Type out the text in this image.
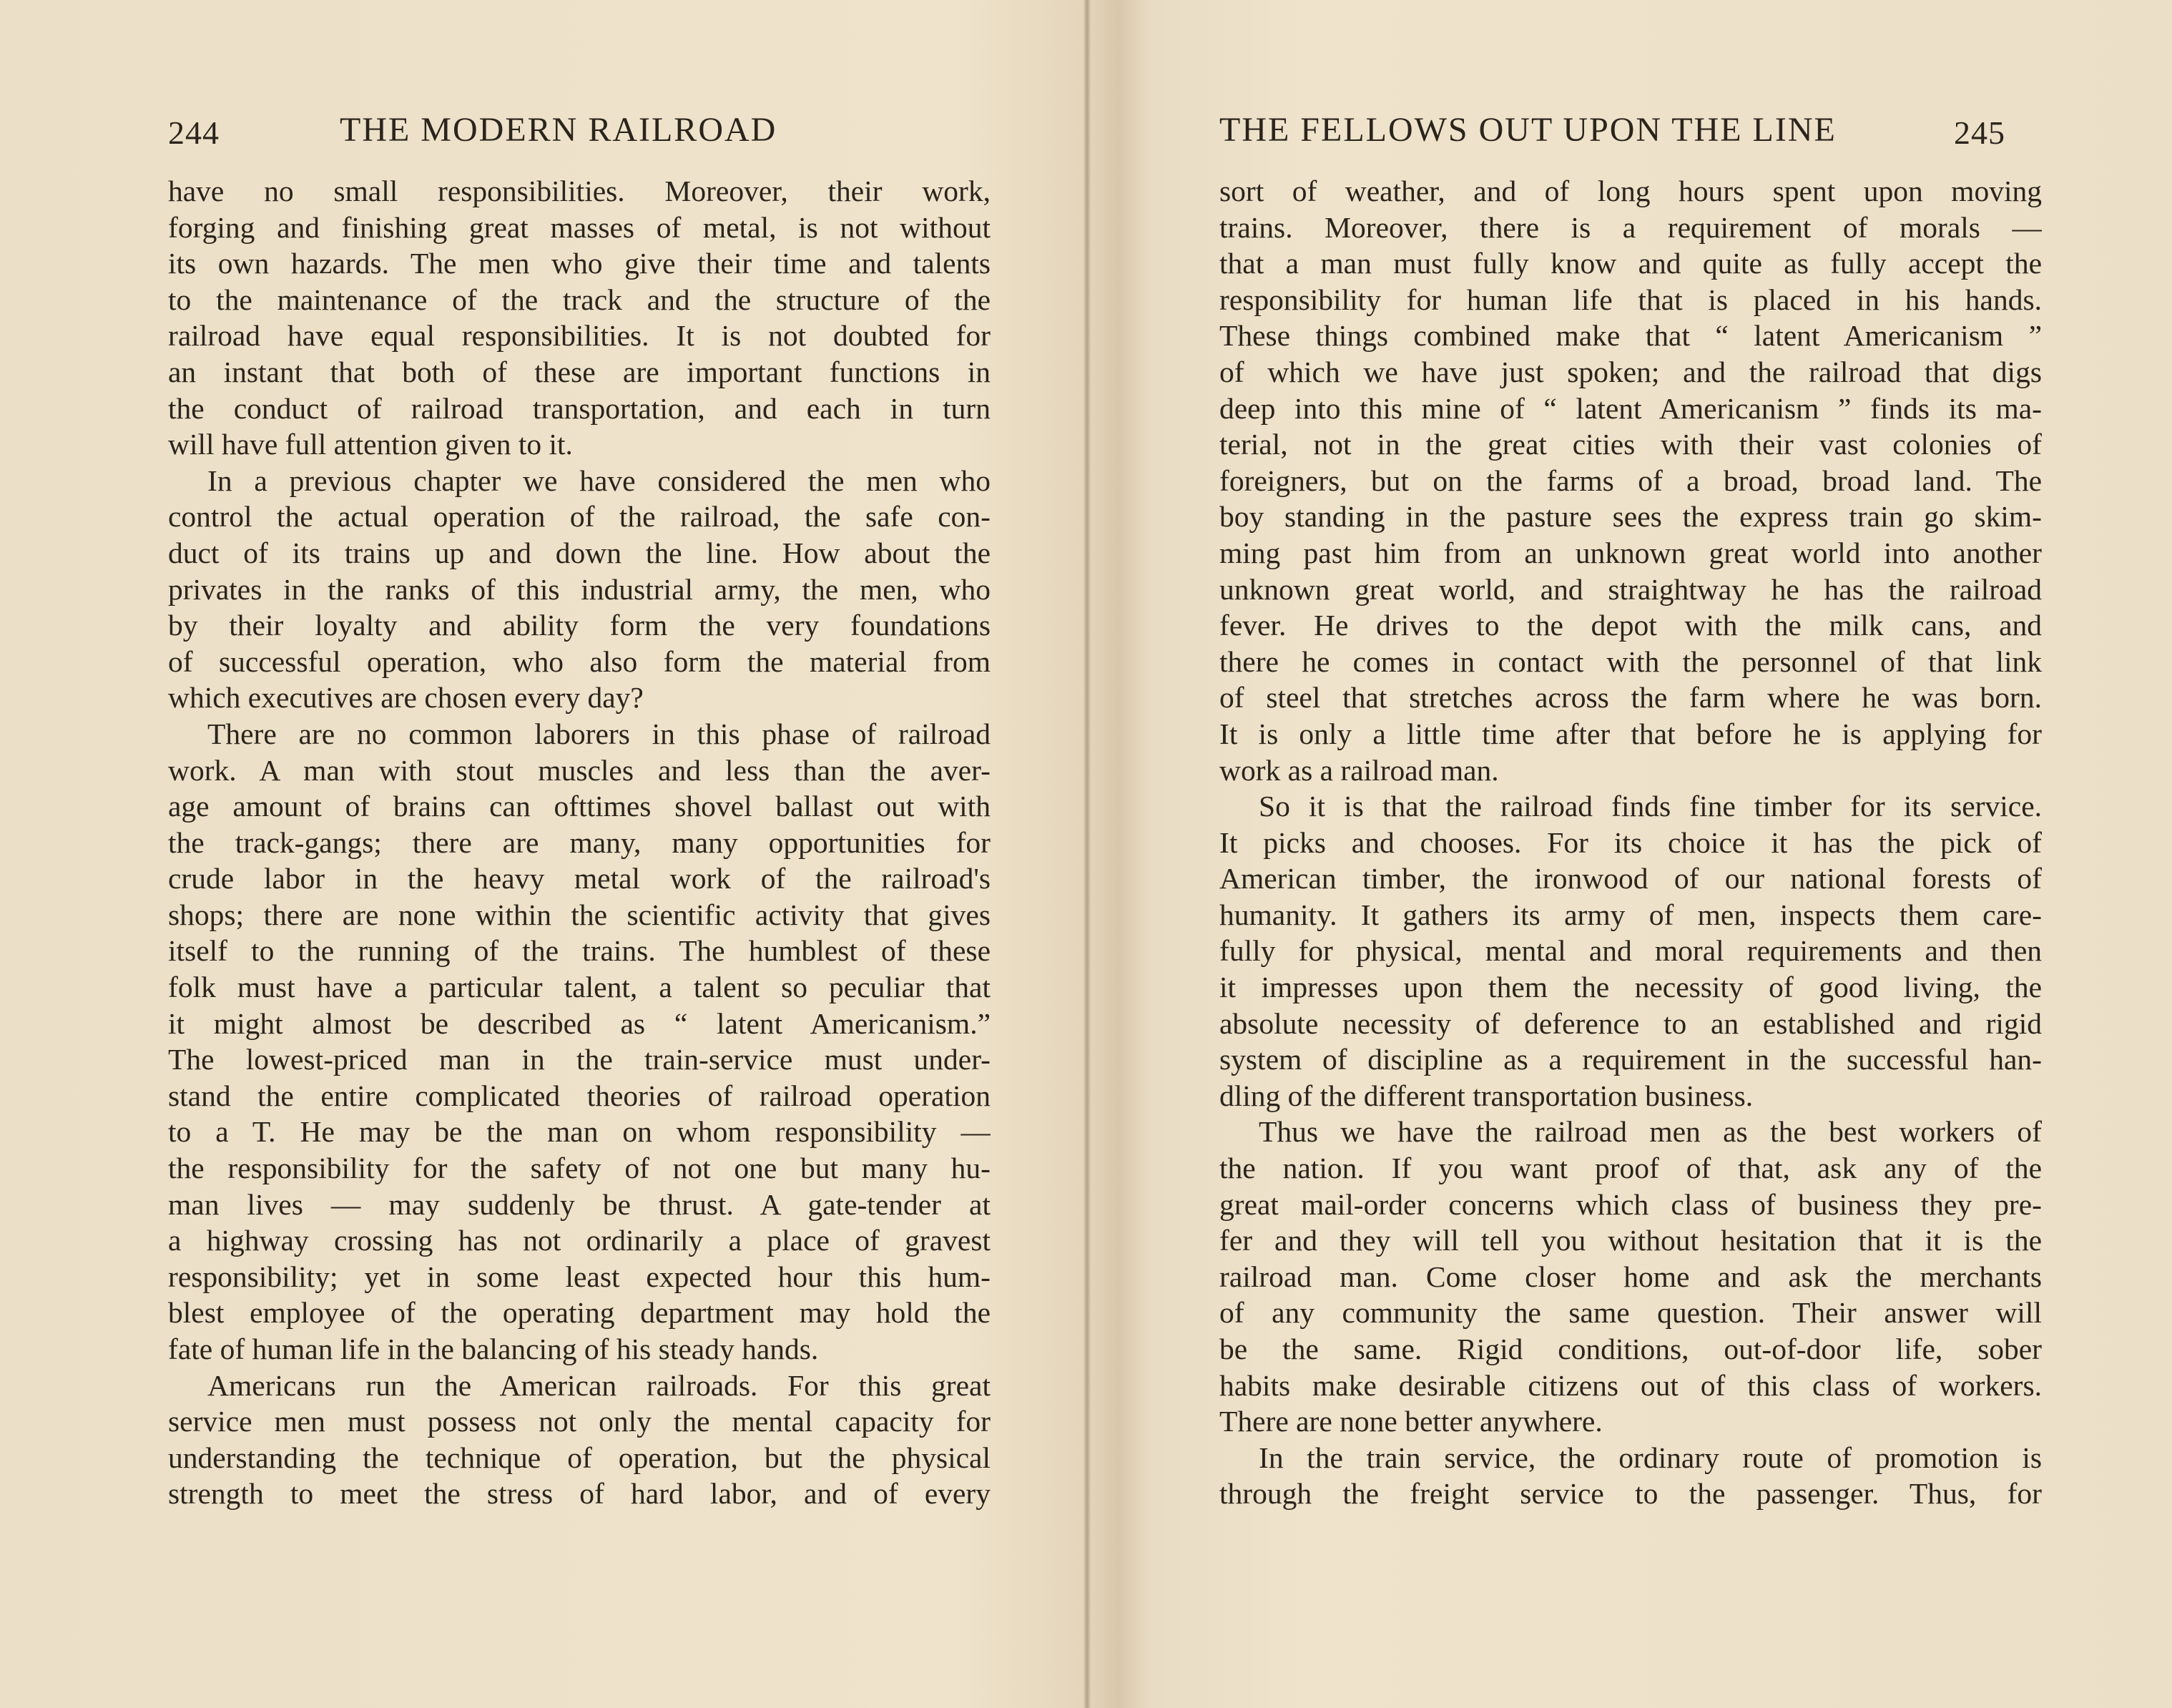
244	THE MODERN RAILROAD
have no small responsibilities. Moreover, their work,
forging and finishing great masses of metal, is not without
its own hazards. The men who give their time and talents
to the maintenance of the track and the structure of the
railroad have equal responsibilities. It is not doubted for
an instant that both of these are important functions in
the conduct of railroad transportation, and each in turn
will have full attention given to it.
In a previous chapter we have considered the men who
control the actual operation of the railroad, the safe con-
duct of its trains up and down the line. How about the
privates in the ranks of this industrial army, the men, who
by their loyalty and ability form the very foundations
of successful operation, who also form the material from
which executives are chosen every day?
There are no common laborers in this phase of railroad
work. A man with stout muscles and less than the aver-
age amount of brains can ofttimes shovel ballast out with
the track-gangs; there are many, many opportunities for
crude labor in the heavy metal work of the railroad's
shops; there are none within the scientific activity that gives
itself to the running of the trains. The humblest of these
folk must have a particular talent, a talent so peculiar that
it might almost be described as “ latent Americanism.”
The lowest-priced man in the train-service must under-
stand the entire complicated theories of railroad operation
to a T. He may be the man on whom responsibility —
the responsibility for the safety of not one but many hu-
man lives — may suddenly be thrust. A gate-tender at
a highway crossing has not ordinarily a place of gravest
responsibility; yet in some least expected hour this hum-
blest employee of the operating department may hold the
fate of human life in the balancing of his steady hands.
Americans run the American railroads. For this great
service men must possess not only the mental capacity for
understanding the technique of operation, but the physical
strength to meet the stress of hard labor, and of every
THE FELLOWS OUT UPON THE LINE	245
sort of weather, and of long hours spent upon moving
trains. Moreover, there is a requirement of morals —
that a man must fully know and quite as fully accept the
responsibility for human life that is placed in his hands.
These things combined make that “ latent Americanism ”
of which we have just spoken; and the railroad that digs
deep into this mine of “ latent Americanism ” finds its ma-
terial, not in the great cities with their vast colonies of
foreigners, but on the farms of a broad, broad land. The
boy standing in the pasture sees the express train go skim-
ming past him from an unknown great world into another
unknown great world, and straightway he has the railroad
fever. He drives to the depot with the milk cans, and
there he comes in contact with the personnel of that link
of steel that stretches across the farm where he was born.
It is only a little time after that before he is applying for
work as a railroad man.
So it is that the railroad finds fine timber for its service.
It picks and chooses. For its choice it has the pick of
American timber, the ironwood of our national forests of
humanity. It gathers its army of men, inspects them care-
fully for physical, mental and moral requirements and then
it impresses upon them the necessity of good living, the
absolute necessity of deference to an established and rigid
system of discipline as a requirement in the successful han-
dling of the different transportation business.
Thus we have the railroad men as the best workers of
the nation. If you want proof of that, ask any of the
great mail-order concerns which class of business they pre-
fer and they will tell you without hesitation that it is the
railroad man. Come closer home and ask the merchants
of any community the same question. Their answer will
be the same. Rigid conditions, out-of-door life, sober
habits make desirable citizens out of this class of workers.
There are none better anywhere.
In the train service, the ordinary route of promotion is
through the freight service to the passenger. Thus, for
